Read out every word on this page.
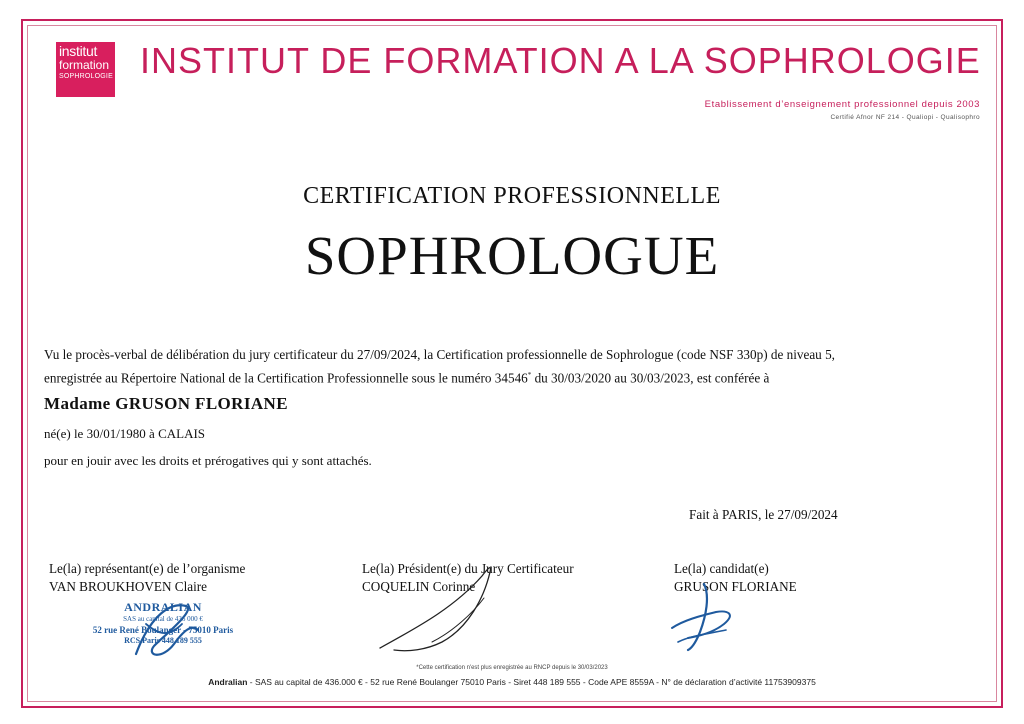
institut
formation
SOPHROLOGIE INSTITUT DE FORMATION A LA SOPHROLOGIE
Etablissement d’enseignement professionnel depuis 2003
Certifié Afnor NF 214 - Qualiopi - Qualisophro
CERTIFICATION PROFESSIONNELLE
SOPHROLOGUE
Vu le procès-verbal de délibération du jury certificateur du 27/09/2024, la Certification professionnelle de Sophrologue (code NSF 330p) de niveau 5,
enregistrée au Répertoire National de la Certification Professionnelle sous le numéro 34546* du 30/03/2020 au 30/03/2023, est conférée à
Madame GRUSON FLORIANE
né(e) le 30/01/1980 à CALAIS
pour en jouir avec les droits et prérogatives qui y sont attachés.
Fait à PARIS, le 27/09/2024
Le(la) représentant(e) de l’organisme
VAN BROUKHOVEN Claire
Le(la) Président(e) du Jury Certificateur
COQUELIN Corinne
Le(la) candidat(e)
GRUSON FLORIANE
ANDRALIAN
SAS au capital de 436 000 €
52 rue René Boulanger - 75010 Paris
RCS Paris 448 189 555
*Cette certification n'est plus enregistrée au RNCP depuis le 30/03/2023
Andralian - SAS au capital de 436.000 € - 52 rue René Boulanger 75010 Paris - Siret 448 189 555 - Code APE 8559A - N° de déclaration d’activité 11753909375
